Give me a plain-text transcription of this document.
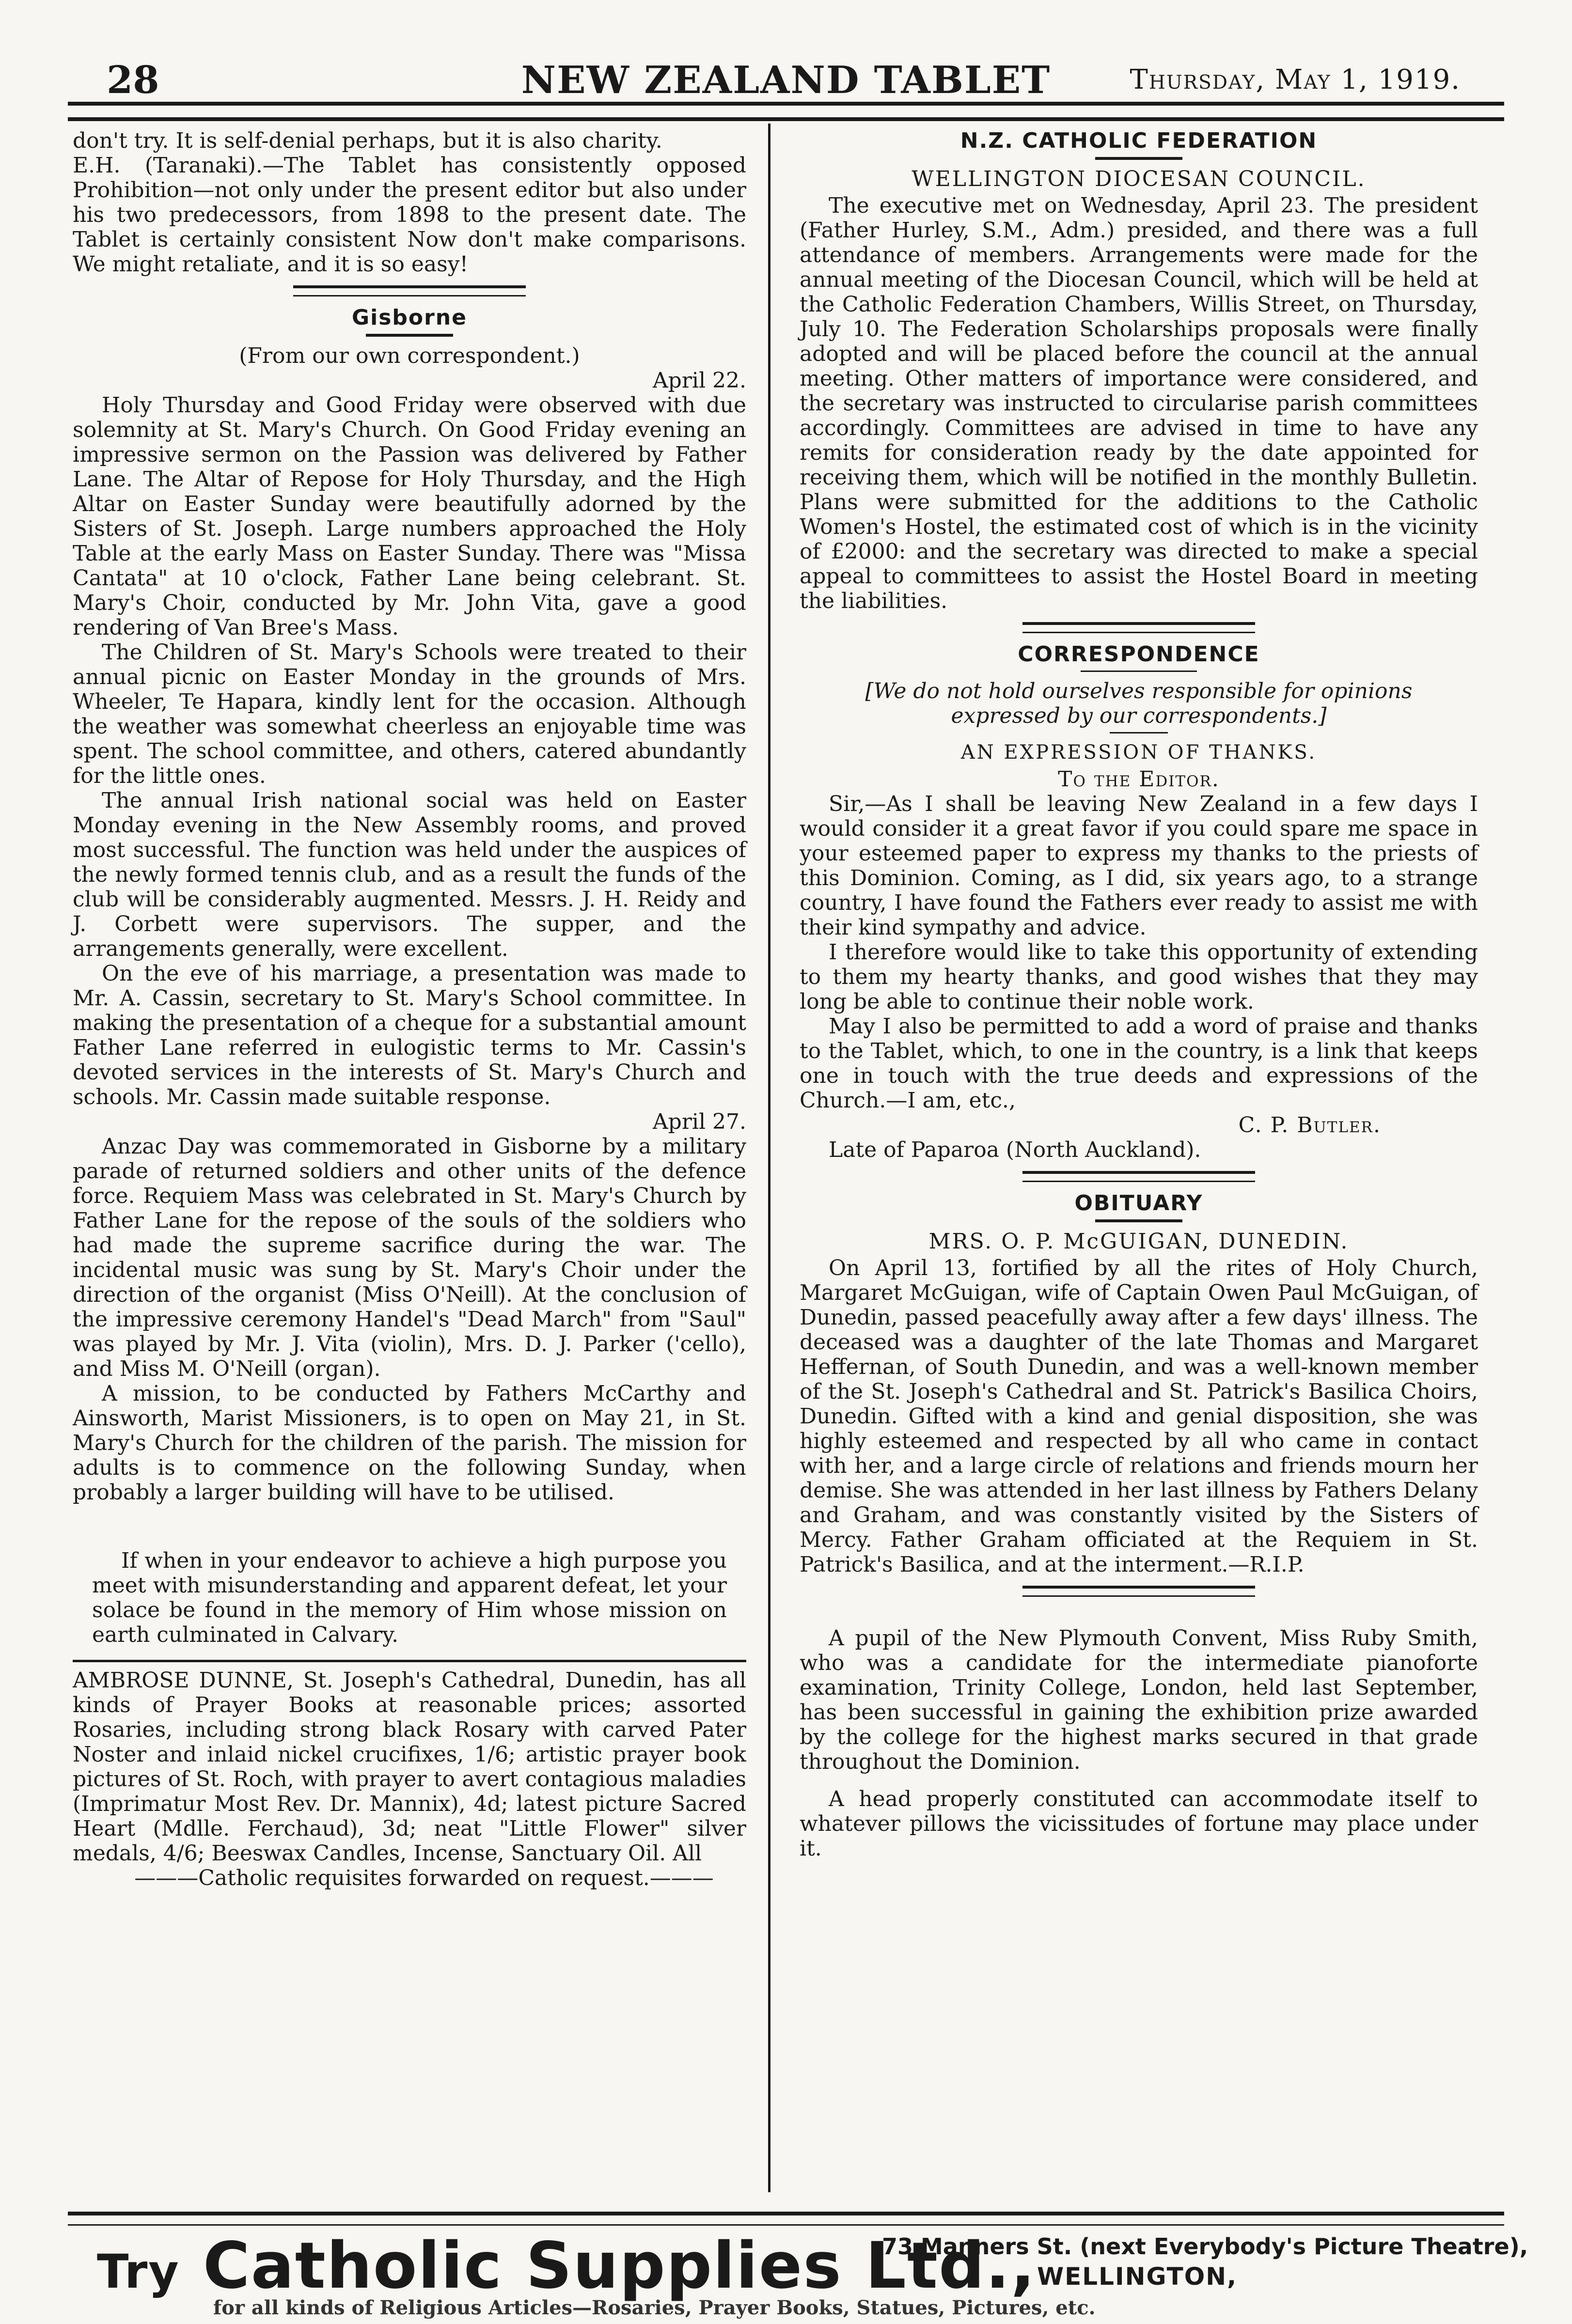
28	NEW ZEALAND TABLET	Thursday, May 1, 1919.

don't try. It is self-denial perhaps, but it is also charity.

E.H. (Taranaki).—The Tablet has consistently opposed Prohibition—not only under the present editor but also under his two predecessors, from 1898 to the present date. The Tablet is certainly consistent Now don't make comparisons. We might retaliate, and it is so easy!

Gisborne
(From our own correspondent.)
April 22.

Holy Thursday and Good Friday were observed with due solemnity at St. Mary's Church. On Good Friday evening an impressive sermon on the Passion was delivered by Father Lane. The Altar of Repose for Holy Thursday, and the High Altar on Easter Sunday were beautifully adorned by the Sisters of St. Joseph. Large numbers approached the Holy Table at the early Mass on Easter Sunday. There was "Missa Cantata" at 10 o'clock, Father Lane being celebrant. St. Mary's Choir, conducted by Mr. John Vita, gave a good rendering of Van Bree's Mass.

The Children of St. Mary's Schools were treated to their annual picnic on Easter Monday in the grounds of Mrs. Wheeler, Te Hapara, kindly lent for the occasion. Although the weather was somewhat cheerless an enjoyable time was spent. The school committee, and others, catered abundantly for the little ones.

The annual Irish national social was held on Easter Monday evening in the New Assembly rooms, and proved most successful. The function was held under the auspices of the newly formed tennis club, and as a result the funds of the club will be considerably augmented. Messrs. J. H. Reidy and J. Corbett were supervisors. The supper, and the arrangements generally, were excellent.

On the eve of his marriage, a presentation was made to Mr. A. Cassin, secretary to St. Mary's School committee. In making the presentation of a cheque for a substantial amount Father Lane referred in eulogistic terms to Mr. Cassin's devoted services in the interests of St. Mary's Church and schools. Mr. Cassin made suitable response.

April 27.

Anzac Day was commemorated in Gisborne by a military parade of returned soldiers and other units of the defence force. Requiem Mass was celebrated in St. Mary's Church by Father Lane for the repose of the souls of the soldiers who had made the supreme sacrifice during the war. The incidental music was sung by St. Mary's Choir under the direction of the organist (Miss O'Neill). At the conclusion of the impressive ceremony Handel's "Dead March" from "Saul" was played by Mr. J. Vita (violin), Mrs. D. J. Parker ('cello), and Miss M. O'Neill (organ).

A mission, to be conducted by Fathers McCarthy and Ainsworth, Marist Missioners, is to open on May 21, in St. Mary's Church for the children of the parish. The mission for adults is to commence on the following Sunday, when probably a larger building will have to be utilised.

If when in your endeavor to achieve a high purpose you meet with misunderstanding and apparent defeat, let your solace be found in the memory of Him whose mission on earth culminated in Calvary.

AMBROSE DUNNE, St. Joseph's Cathedral, Dunedin, has all kinds of Prayer Books at reasonable prices; assorted Rosaries, including strong black Rosary with carved Pater Noster and inlaid nickel crucifixes, 1/6; artistic prayer book pictures of St. Roch, with prayer to avert contagious maladies (Imprimatur Most Rev. Dr. Mannix), 4d; latest picture Sacred Heart (Mdlle. Ferchaud), 3d; neat "Little Flower" silver medals, 4/6; Beeswax Candles, Incense, Sanctuary Oil. All

———Catholic requisites forwarded on request.———

N.Z. CATHOLIC FEDERATION
WELLINGTON DIOCESAN COUNCIL.

The executive met on Wednesday, April 23. The president (Father Hurley, S.M., Adm.) presided, and there was a full attendance of members. Arrangements were made for the annual meeting of the Diocesan Council, which will be held at the Catholic Federation Chambers, Willis Street, on Thursday, July 10. The Federation Scholarships proposals were finally adopted and will be placed before the council at the annual meeting. Other matters of importance were considered, and the secretary was instructed to circularise parish committees accordingly. Committees are advised in time to have any remits for consideration ready by the date appointed for receiving them, which will be notified in the monthly Bulletin. Plans were submitted for the additions to the Catholic Women's Hostel, the estimated cost of which is in the vicinity of £2000: and the secretary was directed to make a special appeal to committees to assist the Hostel Board in meeting the liabilities.

CORRESPONDENCE

[We do not hold ourselves responsible for opinions expressed by our correspondents.]

AN EXPRESSION OF THANKS.
To the Editor.

Sir,—As I shall be leaving New Zealand in a few days I would consider it a great favor if you could spare me space in your esteemed paper to express my thanks to the priests of this Dominion. Coming, as I did, six years ago, to a strange country, I have found the Fathers ever ready to assist me with their kind sympathy and advice.

I therefore would like to take this opportunity of extending to them my hearty thanks, and good wishes that they may long be able to continue their noble work.

May I also be permitted to add a word of praise and thanks to the Tablet, which, to one in the country, is a link that keeps one in touch with the true deeds and expressions of the Church.—I am, etc.,

C. P. Butler.

Late of Paparoa (North Auckland).

OBITUARY
MRS. O. P. McGUIGAN, DUNEDIN.

On April 13, fortified by all the rites of Holy Church, Margaret McGuigan, wife of Captain Owen Paul McGuigan, of Dunedin, passed peacefully away after a few days' illness. The deceased was a daughter of the late Thomas and Margaret Heffernan, of South Dunedin, and was a well-known member of the St. Joseph's Cathedral and St. Patrick's Basilica Choirs, Dunedin. Gifted with a kind and genial disposition, she was highly esteemed and respected by all who came in contact with her, and a large circle of relations and friends mourn her demise. She was attended in her last illness by Fathers Delany and Graham, and was constantly visited by the Sisters of Mercy. Father Graham officiated at the Requiem in St. Patrick's Basilica, and at the interment.—R.I.P.

A pupil of the New Plymouth Convent, Miss Ruby Smith, who was a candidate for the intermediate pianoforte examination, Trinity College, London, held last September, has been successful in gaining the exhibition prize awarded by the college for the highest marks secured in that grade throughout the Dominion.

A head properly constituted can accommodate itself to whatever pillows the vicissitudes of fortune may place under it.

Try Catholic Supplies Ltd.,
73 Manners St. (next Everybody's Picture Theatre),
WELLINGTON,
for all kinds of Religious Articles—Rosaries, Prayer Books, Statues, Pictures, etc.
